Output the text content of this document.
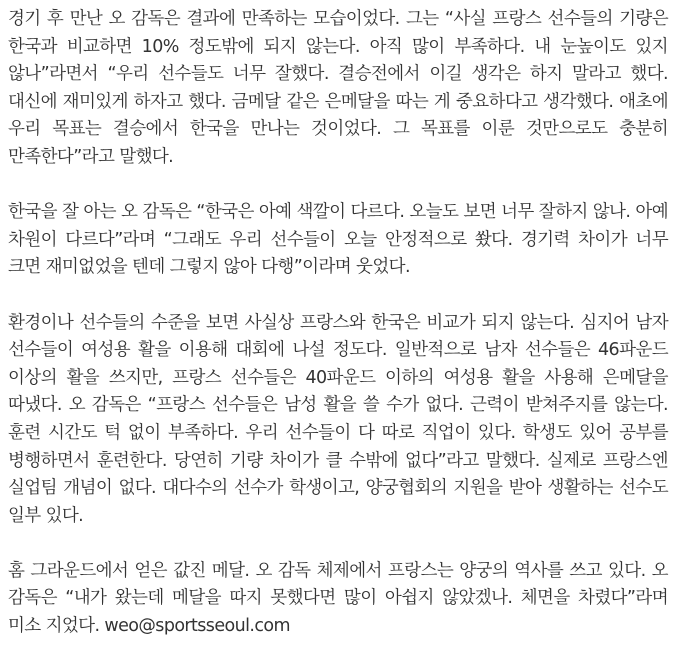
경기 후 만난 오 감독은 결과에 만족하는 모습이었다. 그는 “사실 프랑스 선수들의 기량은 한국과 비교하면 10% 정도밖에 되지 않는다. 아직 많이 부족하다. 내 눈높이도 있지 않나”라면서 “우리 선수들도 너무 잘했다. 결승전에서 이길 생각은 하지 말라고 했다. 대신에 재미있게 하자고 했다. 금메달 같은 은메달을 따는 게 중요하다고 생각했다. 애초에 우리 목표는 결승에서 한국을 만나는 것이었다. 그 목표를 이룬 것만으로도 충분히 만족한다”라고 말했다.

한국을 잘 아는 오 감독은 “한국은 아예 색깔이 다르다. 오늘도 보면 너무 잘하지 않나. 아예 차원이 다르다”라며 “그래도 우리 선수들이 오늘 안정적으로 쐈다. 경기력 차이가 너무 크면 재미없었을 텐데 그렇지 않아 다행”이라며 웃었다.

환경이나 선수들의 수준을 보면 사실상 프랑스와 한국은 비교가 되지 않는다. 심지어 남자 선수들이 여성용 활을 이용해 대회에 나설 정도다. 일반적으로 남자 선수들은 46파운드 이상의 활을 쓰지만, 프랑스 선수들은 40파운드 이하의 여성용 활을 사용해 은메달을 따냈다. 오 감독은 “프랑스 선수들은 남성 활을 쓸 수가 없다. 근력이 받쳐주지를 않는다. 훈련 시간도 턱 없이 부족하다. 우리 선수들이 다 따로 직업이 있다. 학생도 있어 공부를 병행하면서 훈련한다. 당연히 기량 차이가 클 수밖에 없다”라고 말했다. 실제로 프랑스엔 실업팀 개념이 없다. 대다수의 선수가 학생이고, 양궁협회의 지원을 받아 생활하는 선수도 일부 있다.

홈 그라운드에서 얻은 값진 메달. 오 감독 체제에서 프랑스는 양궁의 역사를 쓰고 있다. 오 감독은 “내가 왔는데 메달을 따지 못했다면 많이 아쉽지 않았겠나. 체면을 차렸다”라며 미소 지었다. weo@sportsseoul.com
